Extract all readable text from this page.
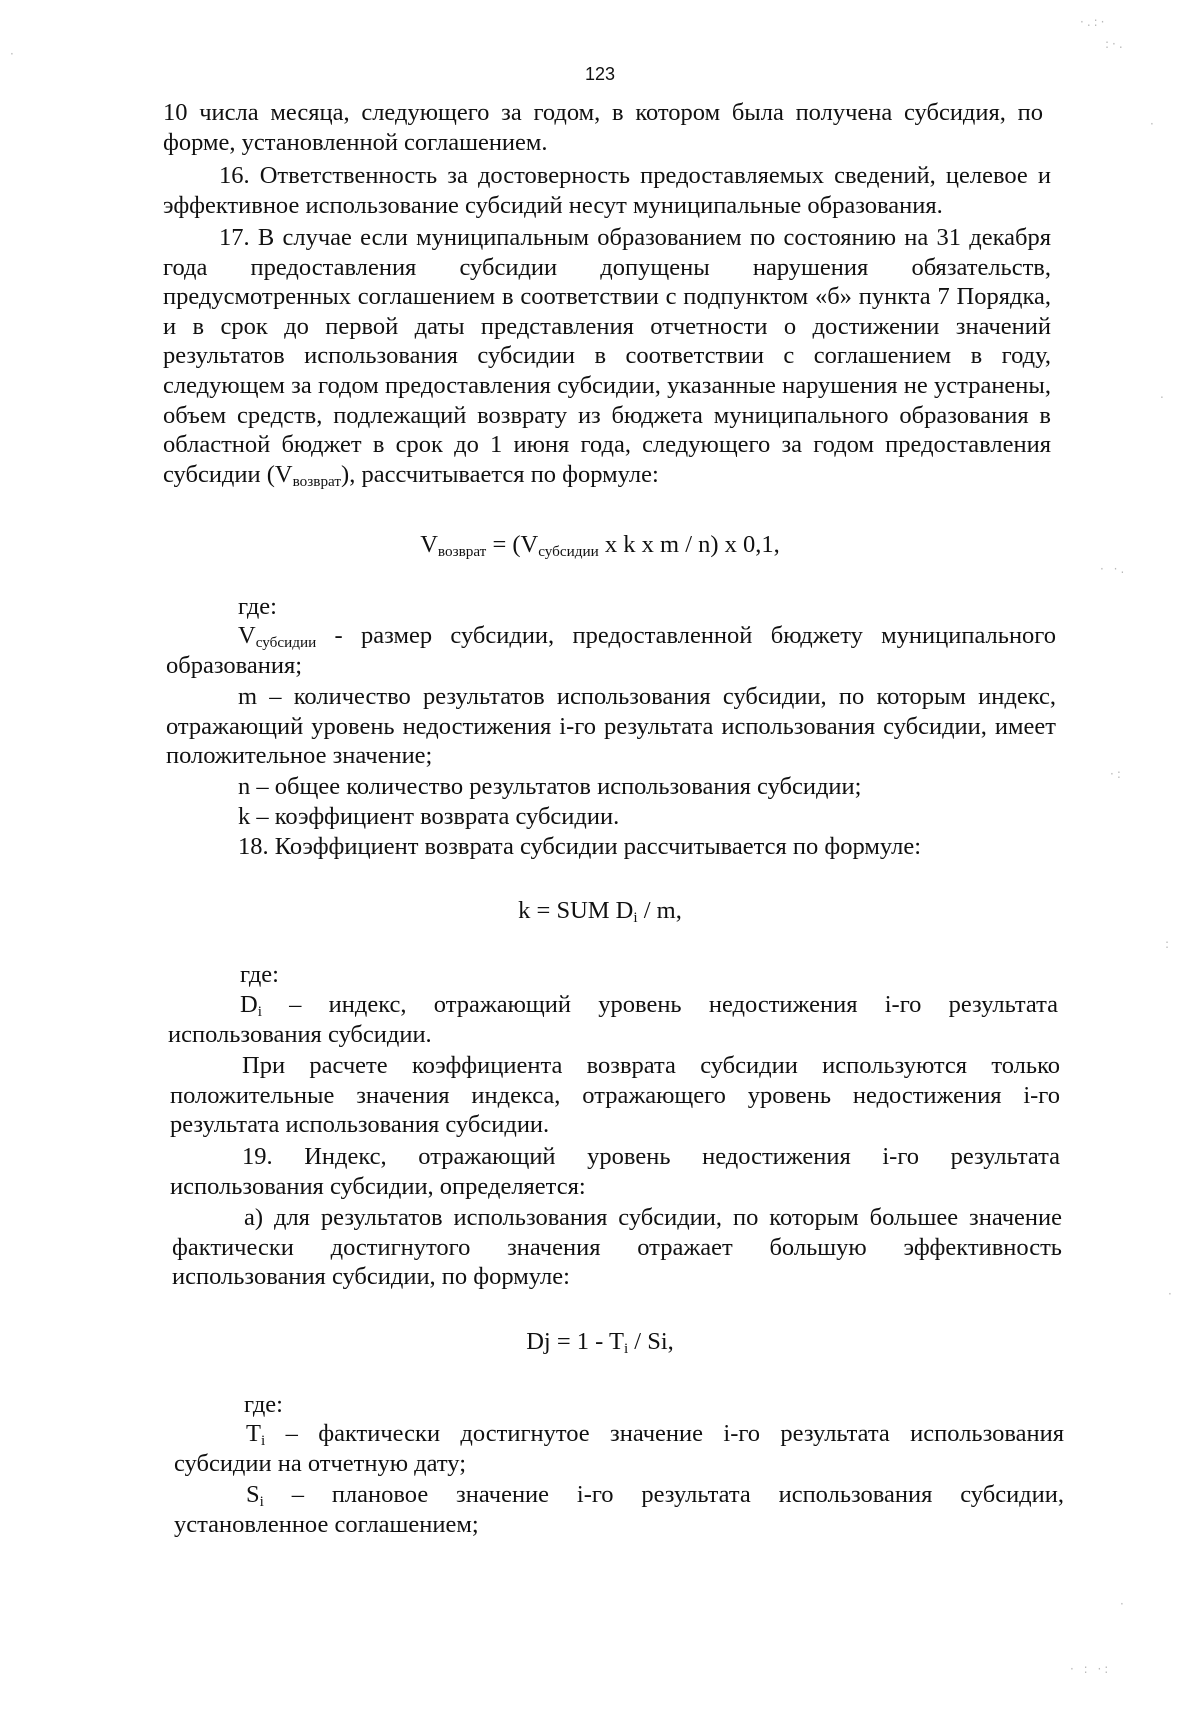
123
10 числа месяца, следующего за годом, в котором была получена субсидия, по форме, установленной соглашением.
16. Ответственность за достоверность предоставляемых сведений, целевое и эффективное использование субсидий несут муниципальные образования.
17. В случае если муниципальным образованием по состоянию на 31 декабря года предоставления субсидии допущены нарушения обязательств, предусмотренных соглашением в соответствии с подпунктом «б» пункта 7 Порядка, и в срок до первой даты представления отчетности о достижении значений результатов использования субсидии в соответствии с соглашением в году, следующем за годом предоставления субсидии, указанные нарушения не устранены, объем средств, подлежащий возврату из бюджета муниципального образования в областной бюджет в срок до 1 июня года, следующего за годом предоставления субсидии $(V_{возврат})$, рассчитывается по формуле:
$V_{возврат} = (V_{субсидии}$ x k x m / n) x 0,1,
где:
$V_{субсидии}$ - размер субсидии, предоставленной бюджету муниципального образования;
m – количество результатов использования субсидии, по которым индекс, отражающий уровень недостижения i-го результата использования субсидии, имеет положительное значение;
n – общее количество результатов использования субсидии;
k – коэффициент возврата субсидии.
18. Коэффициент возврата субсидии рассчитывается по формуле:
k = SUM $D_i$ / m,
где:
$D_i$ – индекс, отражающий уровень недостижения i-го результата использования субсидии.
При расчете коэффициента возврата субсидии используются только положительные значения индекса, отражающего уровень недостижения i-го результата использования субсидии.
19. Индекс, отражающий уровень недостижения i-го результата использования субсидии, определяется:
а) для результатов использования субсидии, по которым большее значение фактически достигнутого значения отражает большую эффективность использования субсидии, по формуле:
$Dj = 1 - T_i / Si$,
где:
$T_i$ – фактически достигнутое значение i-го результата использования субсидии на отчетную дату;
$S_i$ – плановое значение i-го результата использования субсидии, установленное соглашением;
·.:·
:·.
·
.
· ·.
·:
:
·
·
· : ·:
·
